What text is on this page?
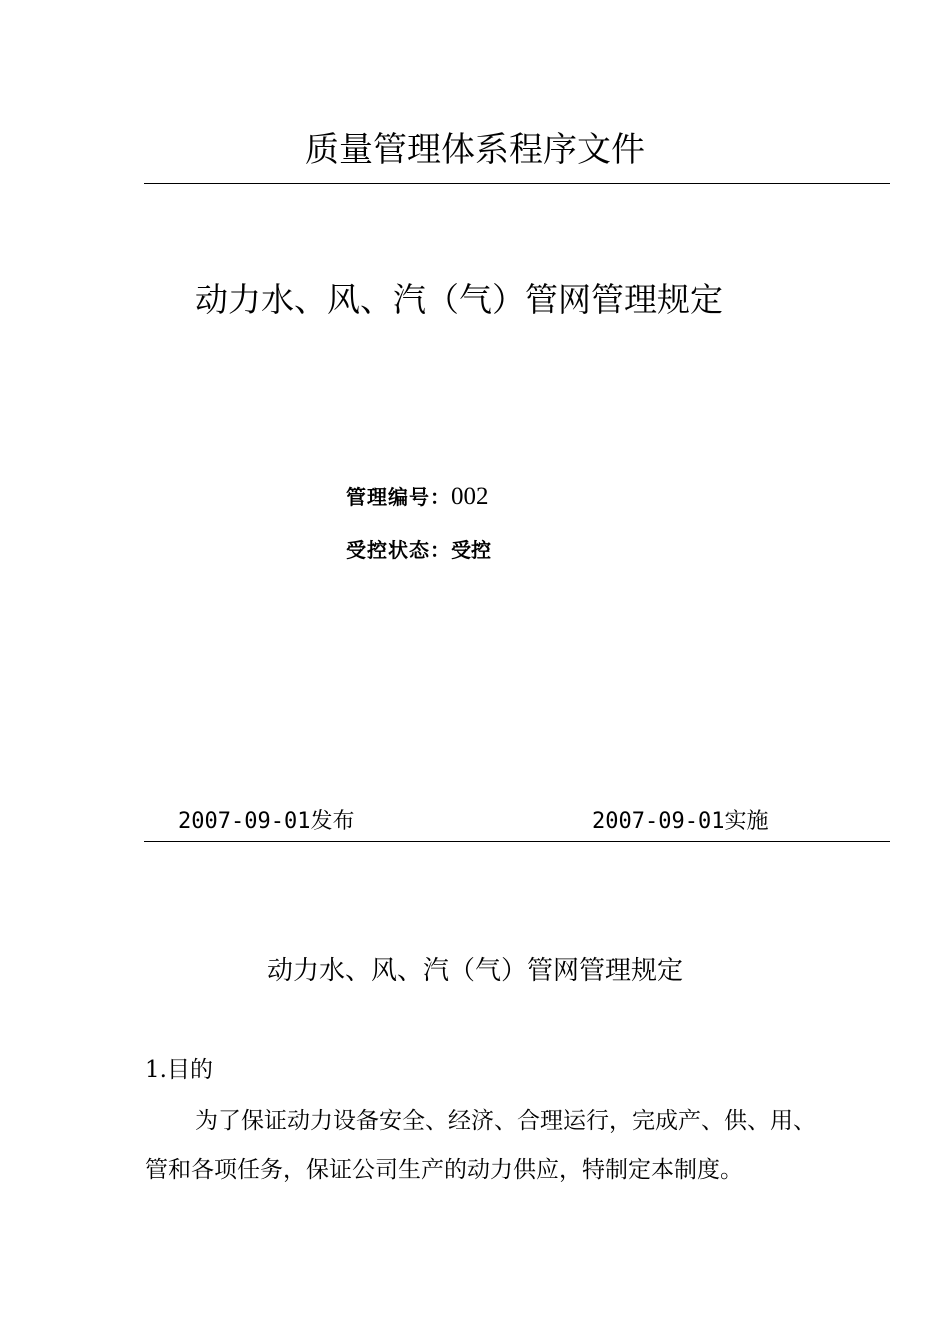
质量管理体系程序文件
动力水、风、汽（气）管网管理规定
管理编号：002
受控状态：受控
2007-09-01发布	2007-09-01实施
动力水、风、汽（气）管网管理规定
1.目的
为了保证动力设备安全、经济、合理运行，完成产、供、用、
管和各项任务，保证公司生产的动力供应，特制定本制度。
